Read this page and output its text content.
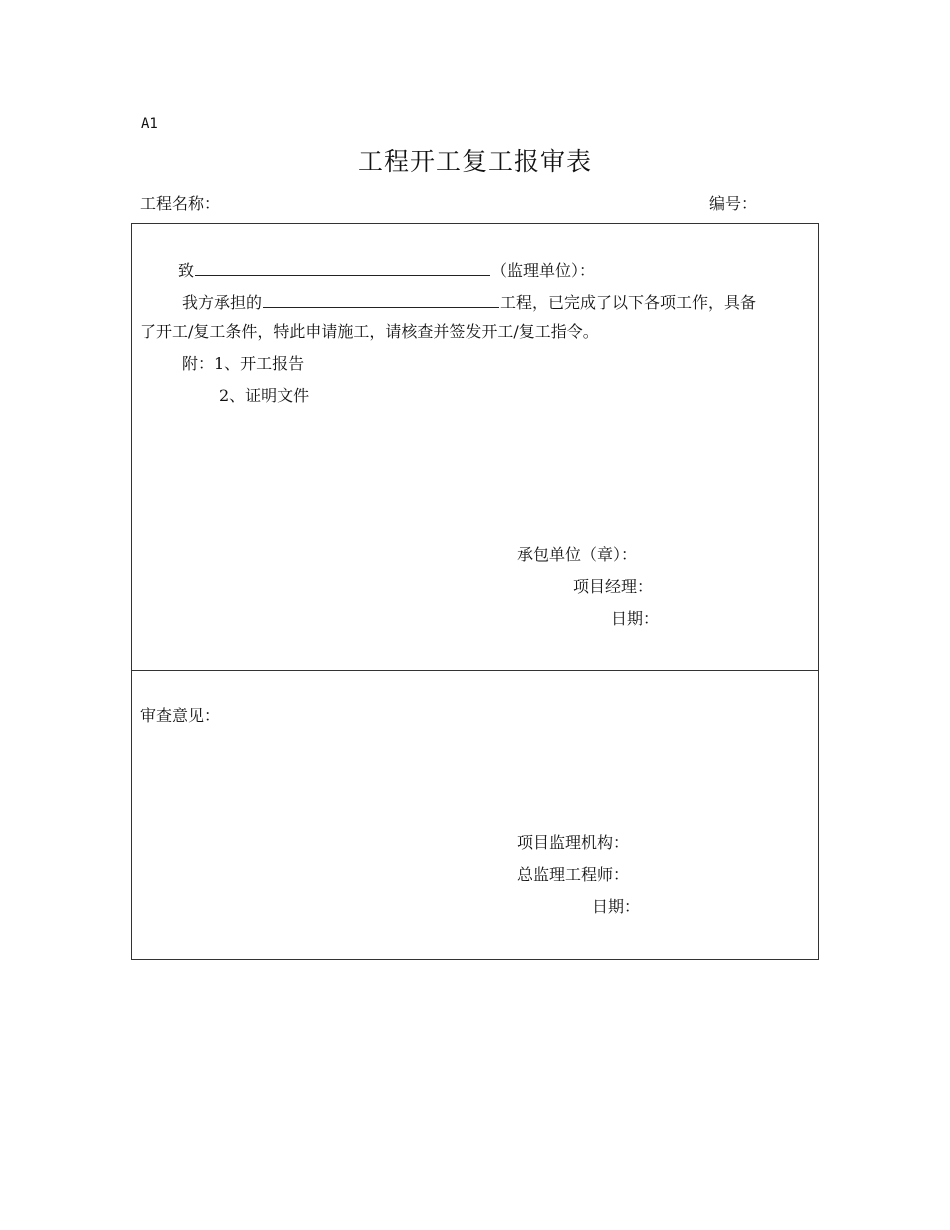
A1
工程开工复工报审表
工程名称：	编号：
致	（监理单位）：
我方承担的	工程，已完成了以下各项工作，具备
了开工/复工条件，特此申请施工，请核查并签发开工/复工指令。
附：1、开工报告
2、证明文件
承包单位（章）：
项目经理：
日期：
审查意见：
项目监理机构：
总监理工程师：
日期：
